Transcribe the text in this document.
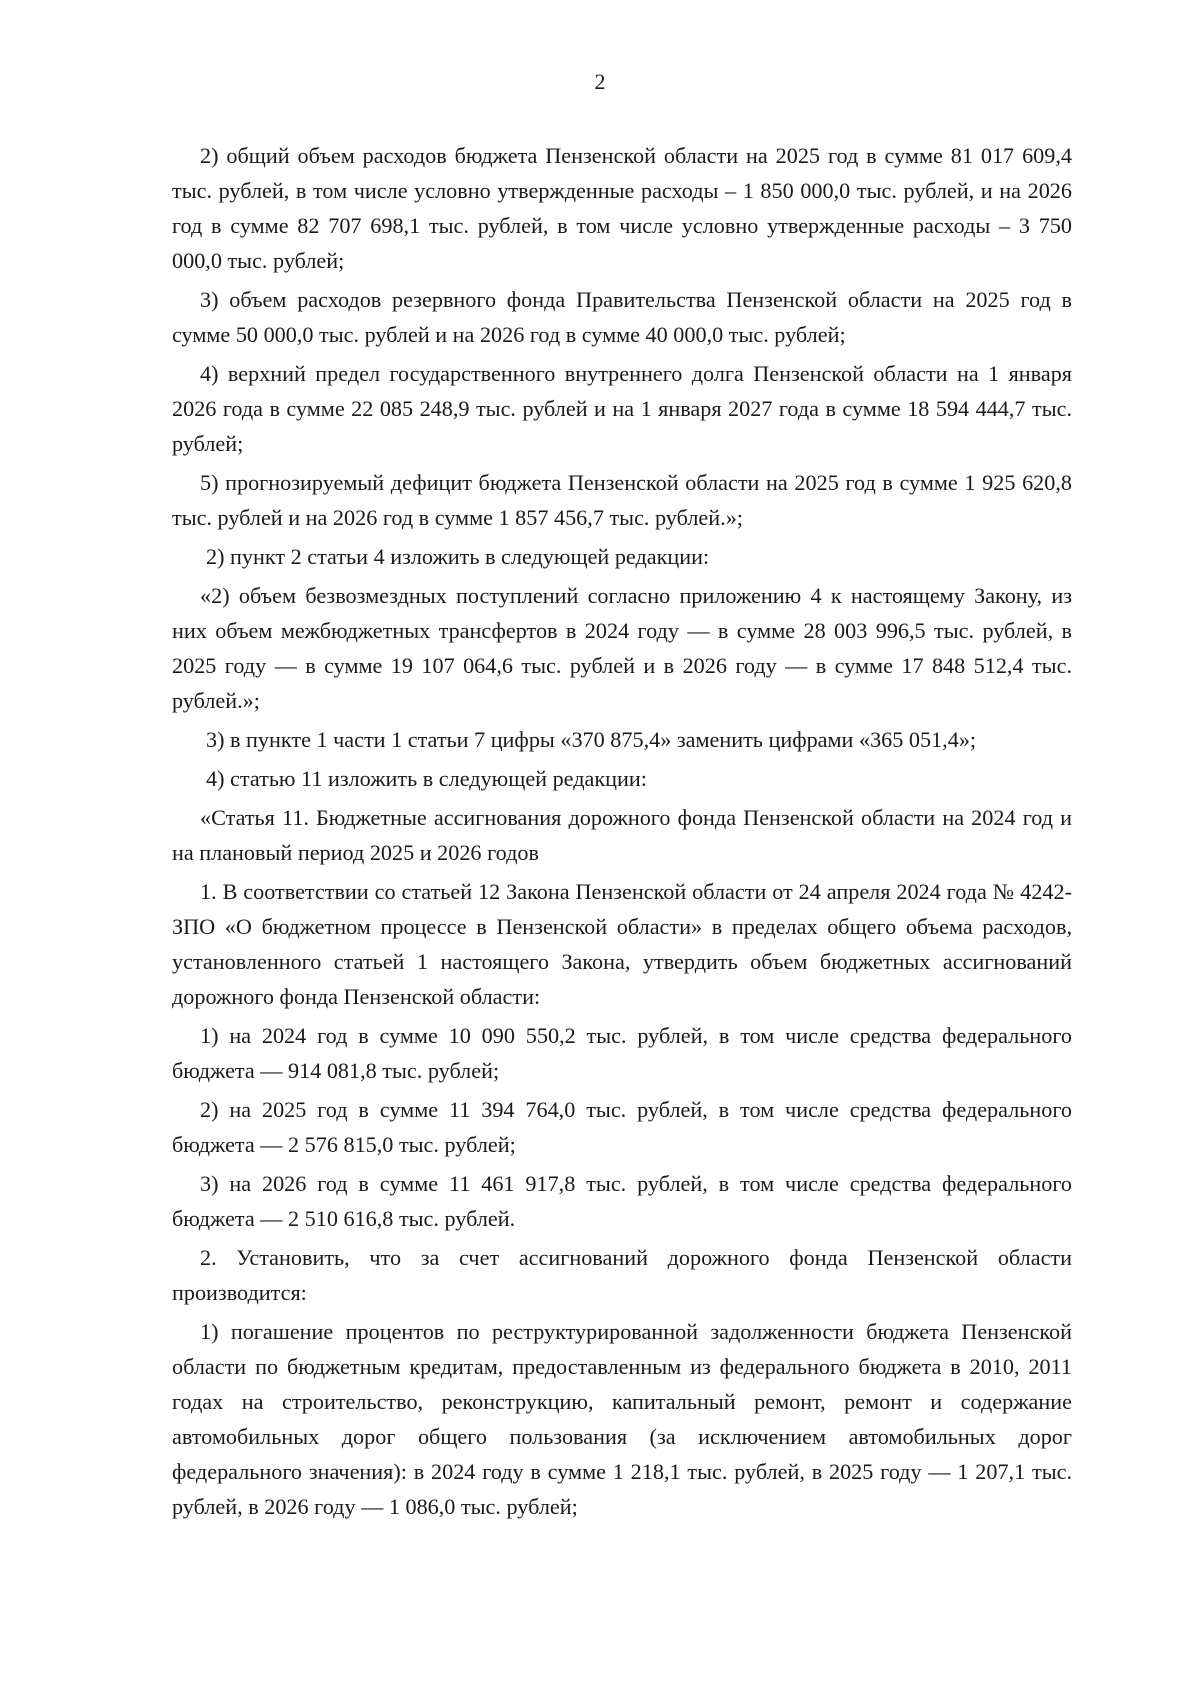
2

2) общий объем расходов бюджета Пензенской области на 2025 год в сумме 81 017 609,4 тыс. рублей, в том числе условно утвержденные расходы – 1 850 000,0 тыс. рублей, и на 2026 год в сумме 82 707 698,1 тыс. рублей, в том числе условно утвержденные расходы – 3 750 000,0 тыс. рублей;

3) объем расходов резервного фонда Правительства Пензенской области на 2025 год в сумме 50 000,0 тыс. рублей и на 2026 год в сумме 40 000,0 тыс. рублей;

4) верхний предел государственного внутреннего долга Пензенской области на 1 января 2026 года в сумме 22 085 248,9 тыс. рублей и на 1 января 2027 года в сумме 18 594 444,7 тыс. рублей;

5) прогнозируемый дефицит бюджета Пензенской области на 2025 год в сумме 1 925 620,8 тыс. рублей и на 2026 год в сумме 1 857 456,7 тыс. рублей.»;

2) пункт 2 статьи 4 изложить в следующей редакции:

«2) объем безвозмездных поступлений согласно приложению 4 к настоящему Закону, из них объем межбюджетных трансфертов в 2024 году — в сумме 28 003 996,5 тыс. рублей, в 2025 году — в сумме 19 107 064,6 тыс. рублей и в 2026 году — в сумме 17 848 512,4 тыс. рублей.»;

3) в пункте 1 части 1 статьи 7 цифры «370 875,4» заменить цифрами «365 051,4»;

4) статью 11 изложить в следующей редакции:

«Статья 11. Бюджетные ассигнования дорожного фонда Пензенской области на 2024 год и на плановый период 2025 и 2026 годов

1. В соответствии со статьей 12 Закона Пензенской области от 24 апреля 2024 года № 4242-ЗПО «О бюджетном процессе в Пензенской области» в пределах общего объема расходов, установленного статьей 1 настоящего Закона, утвердить объем бюджетных ассигнований дорожного фонда Пензенской области:

1) на 2024 год в сумме 10 090 550,2 тыс. рублей, в том числе средства федерального бюджета — 914 081,8 тыс. рублей;

2) на 2025 год в сумме 11 394 764,0 тыс. рублей, в том числе средства федерального бюджета — 2 576 815,0 тыс. рублей;

3) на 2026 год в сумме 11 461 917,8 тыс. рублей, в том числе средства федерального бюджета — 2 510 616,8 тыс. рублей.

2. Установить, что за счет ассигнований дорожного фонда Пензенской области производится:

1) погашение процентов по реструктурированной задолженности бюджета Пензенской области по бюджетным кредитам, предоставленным из федерального бюджета в 2010, 2011 годах на строительство, реконструкцию, капитальный ремонт, ремонт и содержание автомобильных дорог общего пользования (за исключением автомобильных дорог федерального значения): в 2024 году в сумме 1 218,1 тыс. рублей, в 2025 году — 1 207,1 тыс. рублей, в 2026 году — 1 086,0 тыс. рублей;
